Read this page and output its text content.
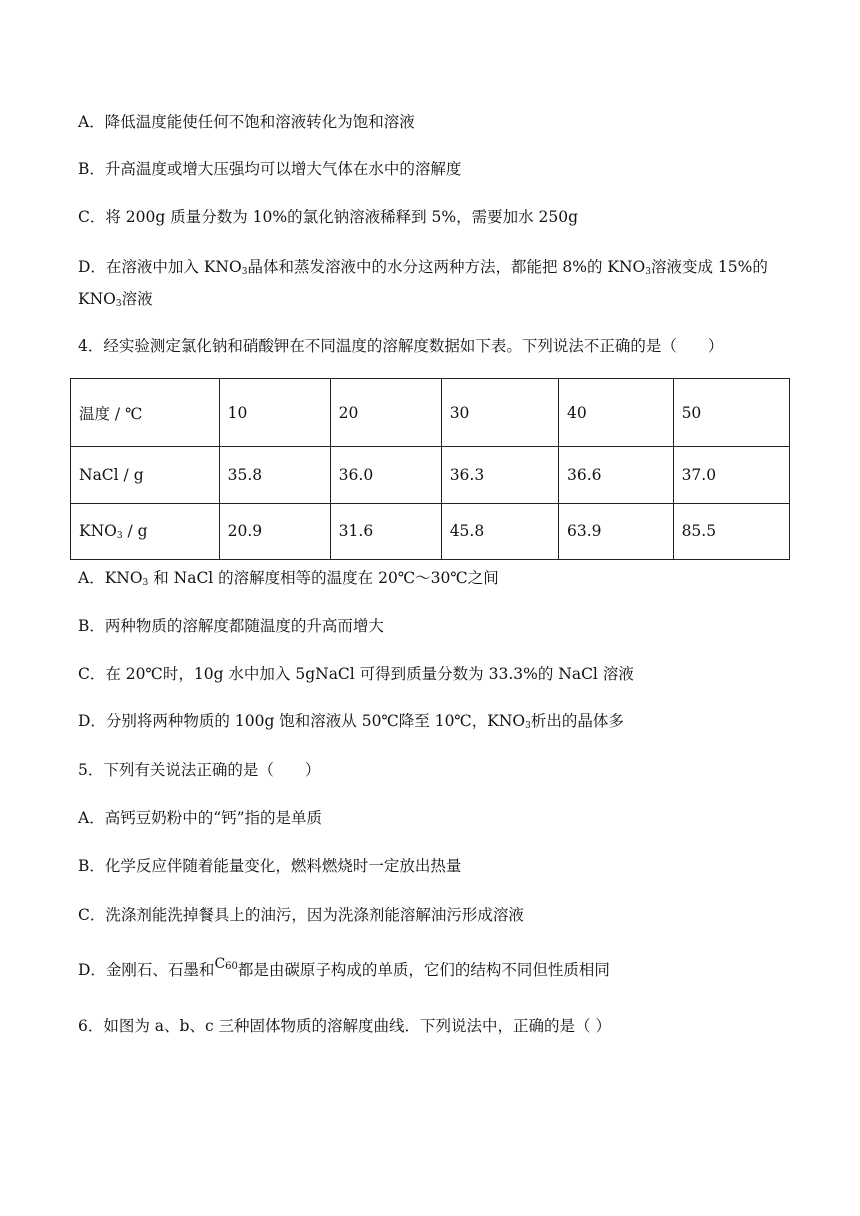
A．降低温度能使任何不饱和溶液转化为饱和溶液
B．升高温度或增大压强均可以增大气体在水中的溶解度
C．将 200g 质量分数为 10%的氯化钠溶液稀释到 5%，需要加水 250g
D．在溶液中加入 $KNO_3$晶体和蒸发溶液中的水分这两种方法，都能把 8%的 $KNO_3$溶液变成 15%的
$KNO_3$溶液
4．经实验测定氯化钠和硝酸钾在不同温度的溶解度数据如下表。下列说法不正确的是（　　）
温度 / ℃	10	20	30	40	50
NaCl / g	35.8	36.0	36.3	36.6	37.0
$KNO_3$ / g	20.9	31.6	45.8	63.9	85.5
A．$KNO_3$ 和 NaCl 的溶解度相等的温度在 20℃～30℃之间
B．两种物质的溶解度都随温度的升高而增大
C．在 20℃时，10g 水中加入 5gNaCl 可得到质量分数为 33.3%的 NaCl 溶液
D．分别将两种物质的 100g 饱和溶液从 50℃降至 10℃，$KNO_3$析出的晶体多
5．下列有关说法正确的是（　　）
A．高钙豆奶粉中的“钙”指的是单质
B．化学反应伴随着能量变化，燃料燃烧时一定放出热量
C．洗涤剂能洗掉餐具上的油污，因为洗涤剂能溶解油污形成溶液
D．金刚石、石墨和$C_{60}$都是由碳原子构成的单质，它们的结构不同但性质相同
6．如图为 a、b、c 三种固体物质的溶解度曲线．下列说法中，正确的是（ ）
